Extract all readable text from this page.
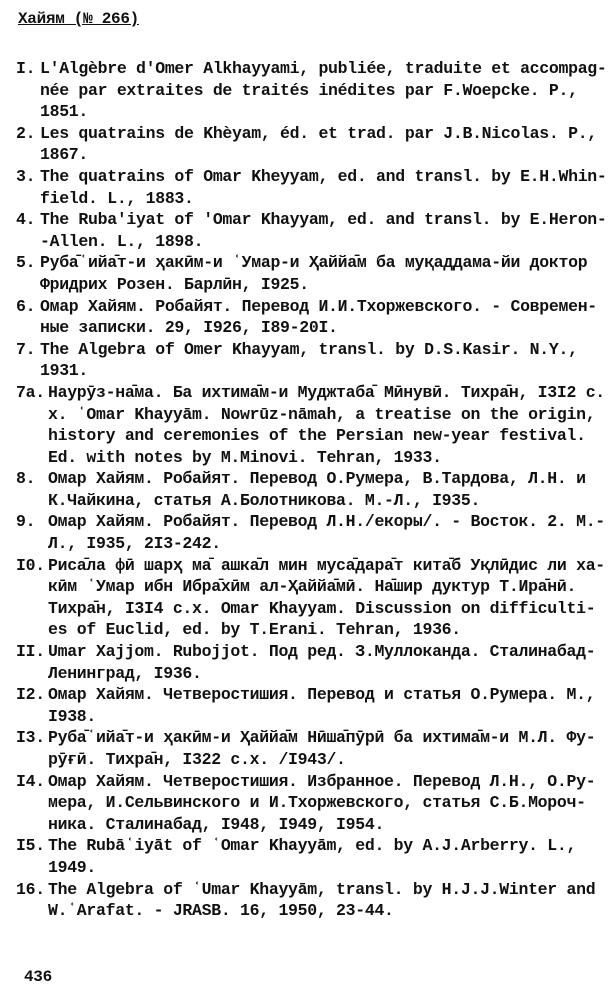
Хайям (№ 266)
I. L'Algèbre d'Omer Alkhayyami, publiée, traduite et accompag-
née par extraites de traités inédites par F.Woepcke. P.,
1851.
2. Les quatrains de Khèyam, éd. et trad. par J.B.Nicolas. P.,
1867.
3. The quatrains of Omar Kheyyam, ed. and transl. by E.H.Whin-
field. L., 1883.
4. The Ruba'iyat of 'Omar Khayyam, ed. and transl. by E.Heron-
-Allen. L., 1898.
5. Руба̄ʿийа̄т-и ҳакӣм-и ʿУмар-и Ҳаййа̄м ба муқаддама-йи доктор
Фридрих Розен. Барлӣн, I925.
6. Омар Хайям. Робайят. Перевод И.И.Тхоржевского. - Современ-
ные записки. 29, I926, I89-20I.
7. The Algebra of Omer Khayyam, transl. by D.S.Kasir. N.Y.,
1931.
7a. Наурӯз-на̄ма. Ба ихтима̄м-и Муджтаба̄ Мӣнувӣ. Тихра̄н, I3I2 с.
х. ʿOmar Khayyām. Nowrūz-nāmah, a treatise on the origin,
history and ceremonies of the Persian new-year festival.
Ed. with notes by M.Minovi. Tehran, 1933.
8. Омар Хайям. Робайят. Перевод О.Румера, В.Тардова, Л.Н. и
К.Чайкина, статья А.Болотникова. М.-Л., I935.
9. Омар Хайям. Робайят. Перевод Л.Н./екоры/. - Восток. 2. М.-
Л., I935, 2I3-242.
I0. Риса̄ла фӣ шарҳ ма̄ ашка̄л мин муса̄дара̄т кита̄б Уқлӣдис ли ха-
кӣм ʿУмар ибн Ибра̄хӣм ал-Ҳаййа̄мӣ. На̄шир дуктур Т.Ира̄нӣ.
Тихра̄н, I3I4 с.х. Omar Khayyam. Discussion on difficulti-
es of Euclid, ed. by T.Erani. Tehran, 1936.
II. Umar Xajjom. Rubojjot. Под ред. З.Муллоканда. Сталинабад-
Ленинград, I936.
I2. Омар Хайям. Четверостишия. Перевод и статья О.Румера. М.,
I938.
I3. Руба̄ʿийа̄т-и ҳакӣм-и Ҳаййа̄м Нӣша̄пӯрӣ ба ихтима̄м-и М.Л. Фу-
рӯғӣ. Тихра̄н, I322 с.х. /I943/.
I4. Омар Хайям. Четверостишия. Избранное. Перевод Л.Н., О.Ру-
мера, И.Сельвинского и И.Тхоржевского, статья С.Б.Мороч-
ника. Сталинабад, I948, I949, I954.
I5. The Rubāʿiyāt of ʿOmar Khayyām, ed. by A.J.Arberry. L.,
1949.
16. The Algebra of ʿUmar Khayyām, transl. by H.J.J.Winter and
W.ʿArafat. - JRASB. 16, 1950, 23-44.
436
